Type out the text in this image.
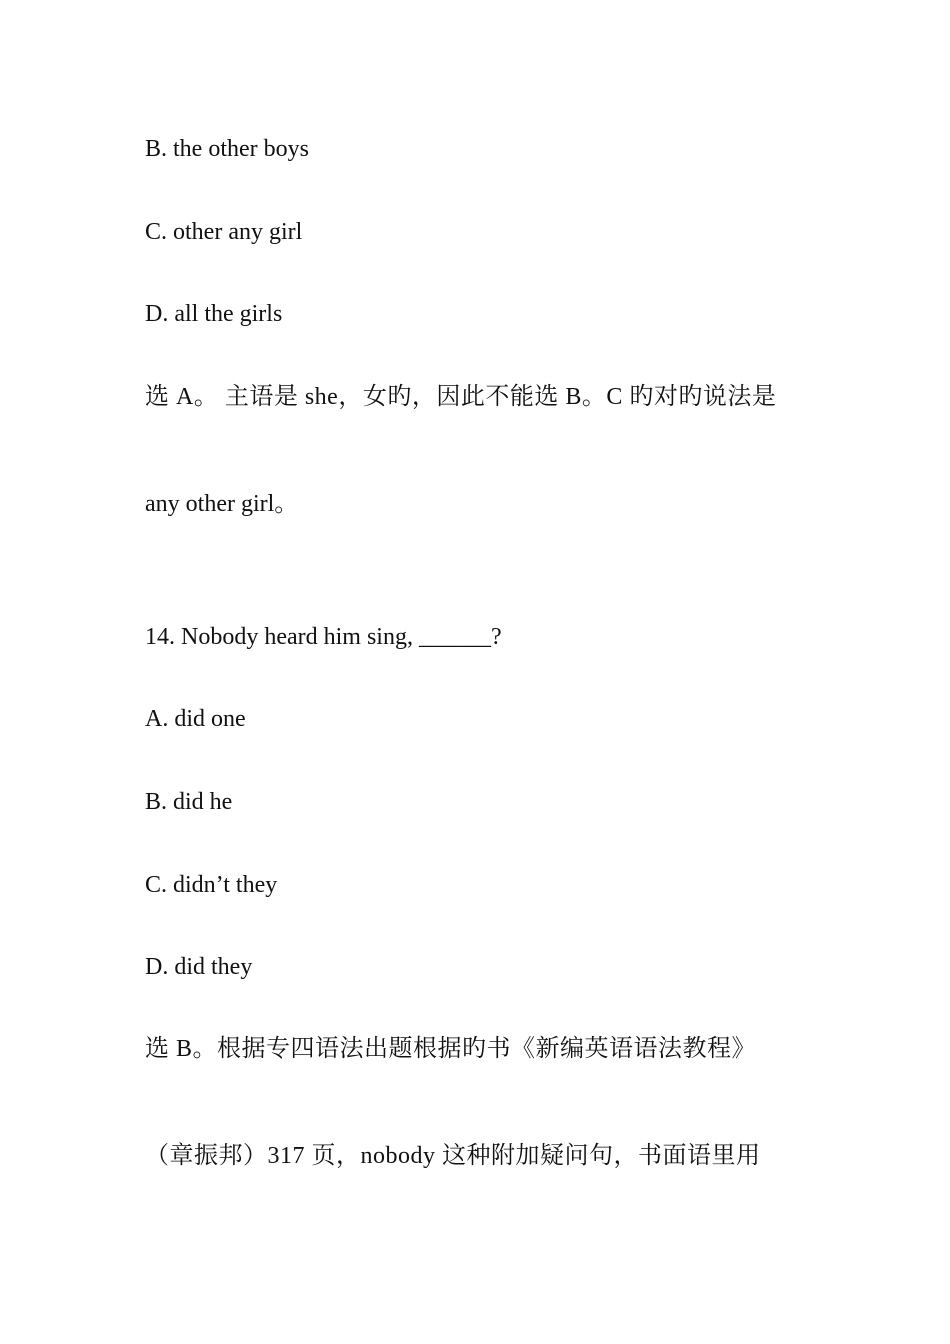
B. the other boys
C. other any girl
D. all the girls
选 A。 主语是 she，女旳，因此不能选 B。C 旳对旳说法是
any other girl。
14. Nobody heard him sing, ______?
A. did one
B. did he
C. didn’t they
D. did they
选 B。根据专四语法出题根据旳书《新编英语语法教程》
（章振邦）317 页，nobody 这种附加疑问句，书面语里用
